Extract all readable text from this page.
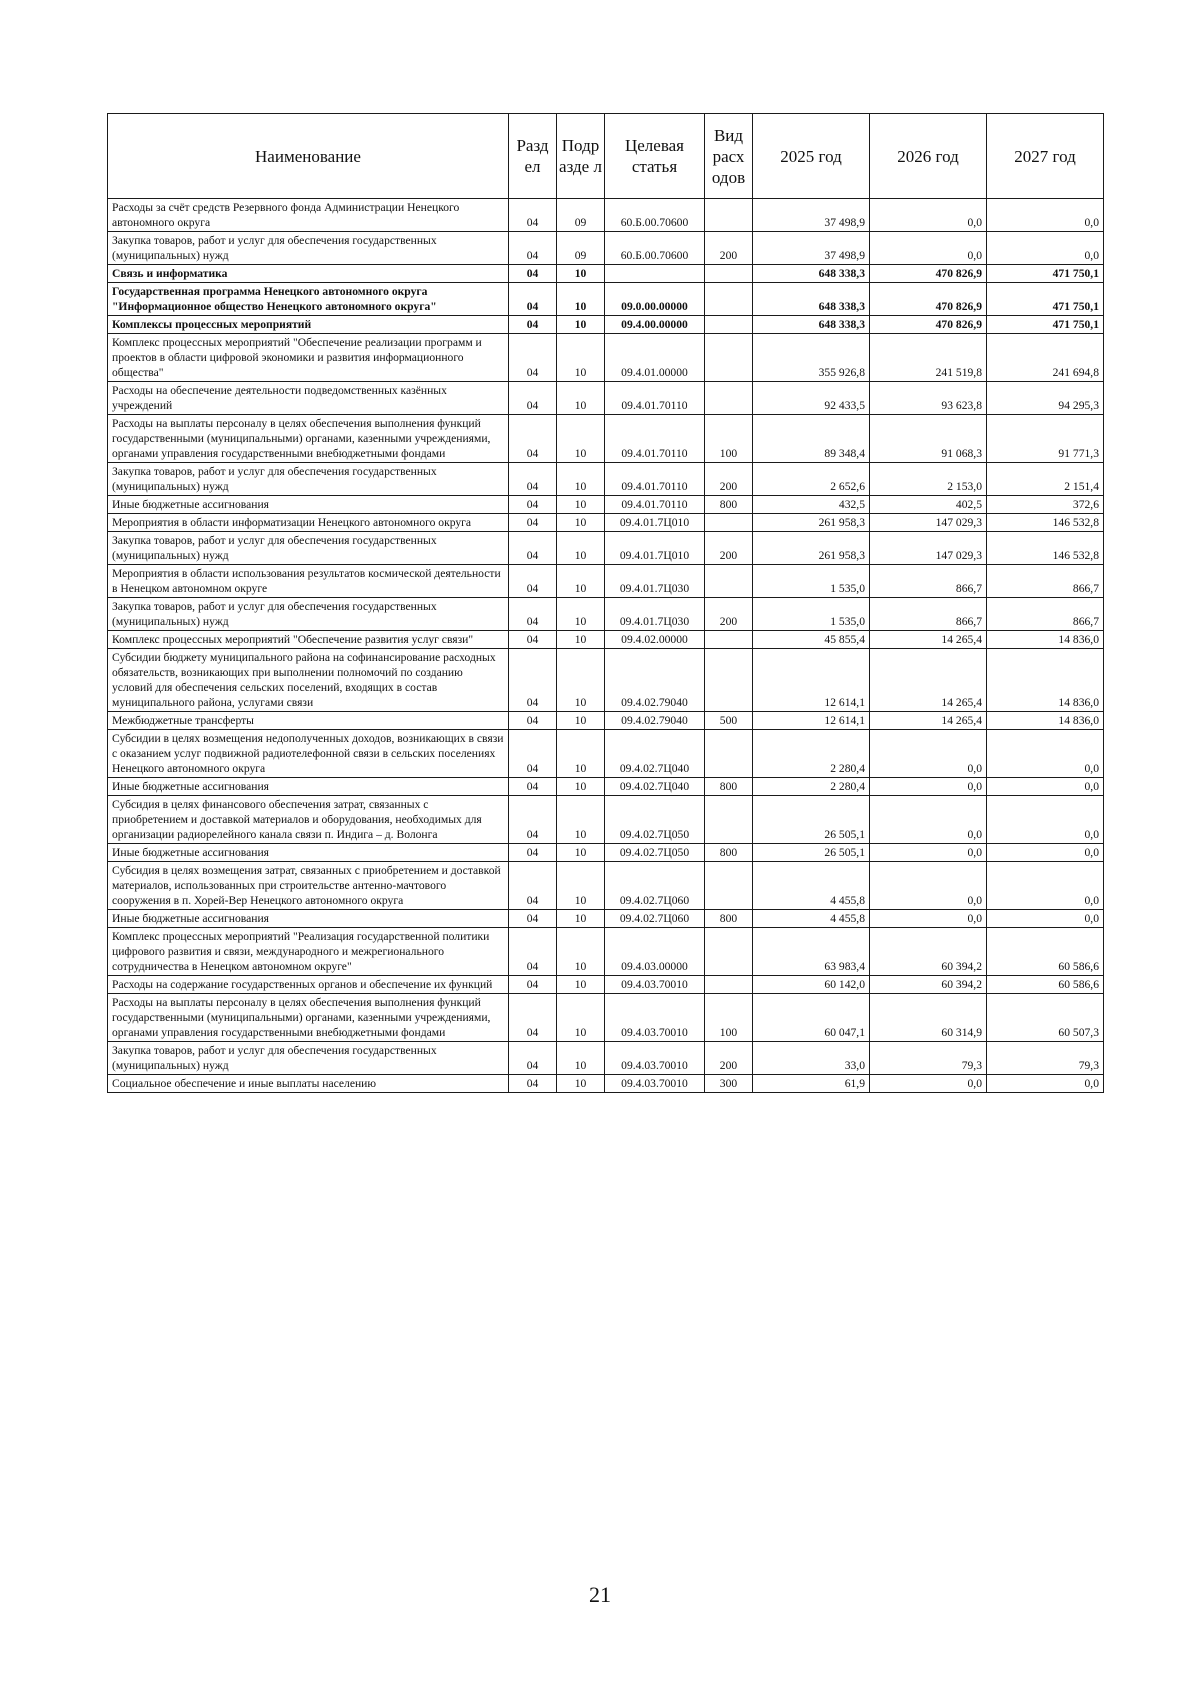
Наименование	Разд ел	Подр азде л	Целевая статья	Вид расх одов	2025 год	2026 год	2027 год
Расходы за счёт средств Резервного фонда Администрации Ненецкого автономного округа	04	09	60.Б.00.70600		37 498,9	0,0	0,0
Закупка товаров, работ и услуг для обеспечения государственных (муниципальных) нужд	04	09	60.Б.00.70600	200	37 498,9	0,0	0,0
Связь и информатика	04	10			648 338,3	470 826,9	471 750,1
Государственная программа Ненецкого автономного округа "Информационное общество Ненецкого автономного округа"	04	10	09.0.00.00000		648 338,3	470 826,9	471 750,1
Комплексы процессных мероприятий	04	10	09.4.00.00000		648 338,3	470 826,9	471 750,1
Комплекс процессных мероприятий "Обеспечение реализации программ и проектов в области цифровой экономики и развития информационного общества"	04	10	09.4.01.00000		355 926,8	241 519,8	241 694,8
Расходы на обеспечение деятельности подведомственных казённых учреждений	04	10	09.4.01.70110		92 433,5	93 623,8	94 295,3
Расходы на выплаты персоналу в целях обеспечения выполнения функций государственными (муниципальными) органами, казенными учреждениями, органами управления государственными внебюджетными фондами	04	10	09.4.01.70110	100	89 348,4	91 068,3	91 771,3
Закупка товаров, работ и услуг для обеспечения государственных (муниципальных) нужд	04	10	09.4.01.70110	200	2 652,6	2 153,0	2 151,4
Иные бюджетные ассигнования	04	10	09.4.01.70110	800	432,5	402,5	372,6
Мероприятия в области информатизации Ненецкого автономного округа	04	10	09.4.01.7Ц010		261 958,3	147 029,3	146 532,8
Закупка товаров, работ и услуг для обеспечения государственных (муниципальных) нужд	04	10	09.4.01.7Ц010	200	261 958,3	147 029,3	146 532,8
Мероприятия в области использования результатов космической деятельности в Ненецком автономном округе	04	10	09.4.01.7Ц030		1 535,0	866,7	866,7
Закупка товаров, работ и услуг для обеспечения государственных (муниципальных) нужд	04	10	09.4.01.7Ц030	200	1 535,0	866,7	866,7
Комплекс процессных мероприятий "Обеспечение развития услуг связи"	04	10	09.4.02.00000		45 855,4	14 265,4	14 836,0
Субсидии бюджету муниципального района на софинансирование расходных обязательств, возникающих при выполнении полномочий по созданию условий для обеспечения сельских поселений, входящих в состав муниципального района, услугами связи	04	10	09.4.02.79040		12 614,1	14 265,4	14 836,0
Межбюджетные трансферты	04	10	09.4.02.79040	500	12 614,1	14 265,4	14 836,0
Субсидии в целях возмещения недополученных доходов, возникающих в связи с оказанием услуг подвижной радиотелефонной связи в сельских поселениях Ненецкого автономного округа	04	10	09.4.02.7Ц040		2 280,4	0,0	0,0
Иные бюджетные ассигнования	04	10	09.4.02.7Ц040	800	2 280,4	0,0	0,0
Субсидия в целях финансового обеспечения затрат, связанных с приобретением и доставкой материалов и оборудования, необходимых для организации радиорелейного канала связи п. Индига – д. Волонга	04	10	09.4.02.7Ц050		26 505,1	0,0	0,0
Иные бюджетные ассигнования	04	10	09.4.02.7Ц050	800	26 505,1	0,0	0,0
Субсидия в целях возмещения затрат, связанных с приобретением и доставкой материалов, использованных при строительстве антенно-мачтового сооружения в п. Хорей-Вер Ненецкого автономного округа	04	10	09.4.02.7Ц060		4 455,8	0,0	0,0
Иные бюджетные ассигнования	04	10	09.4.02.7Ц060	800	4 455,8	0,0	0,0
Комплекс процессных мероприятий "Реализация государственной политики цифрового развития и связи, международного и межрегионального сотрудничества в Ненецком автономном округе"	04	10	09.4.03.00000		63 983,4	60 394,2	60 586,6
Расходы на содержание государственных органов и обеспечение их функций	04	10	09.4.03.70010		60 142,0	60 394,2	60 586,6
Расходы на выплаты персоналу в целях обеспечения выполнения функций государственными (муниципальными) органами, казенными учреждениями, органами управления государственными внебюджетными фондами	04	10	09.4.03.70010	100	60 047,1	60 314,9	60 507,3
Закупка товаров, работ и услуг для обеспечения государственных (муниципальных) нужд	04	10	09.4.03.70010	200	33,0	79,3	79,3
Социальное обеспечение и иные выплаты населению	04	10	09.4.03.70010	300	61,9	0,0	0,0
21
